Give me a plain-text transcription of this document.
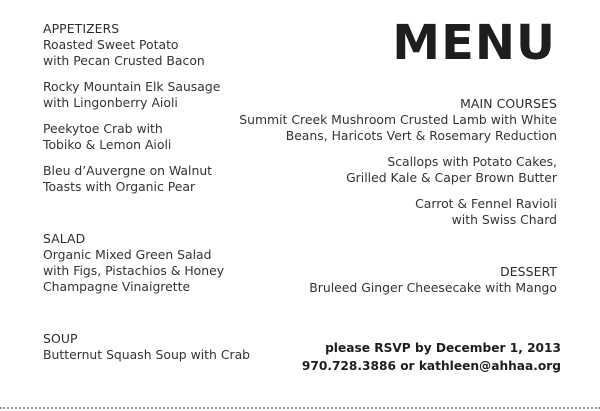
APPETIZERS
Roasted Sweet Potato
with Pecan Crusted Bacon
Rocky Mountain Elk Sausage
with Lingonberry Aioli
Peekytoe Crab with
Tobiko & Lemon Aioli
Bleu d’Auvergne on Walnut
Toasts with Organic Pear
SALAD
Organic Mixed Green Salad
with Figs, Pistachios & Honey
Champagne Vinaigrette
SOUP
Butternut Squash Soup with Crab
MENU
MAIN COURSES
Summit Creek Mushroom Crusted Lamb with White
Beans, Haricots Vert & Rosemary Reduction
Scallops with Potato Cakes,
Grilled Kale & Caper Brown Butter
Carrot & Fennel Ravioli
with Swiss Chard
DESSERT
Bruleed Ginger Cheesecake with Mango
please RSVP by December 1, 2013
970.728.3886 or kathleen@ahhaa.org
